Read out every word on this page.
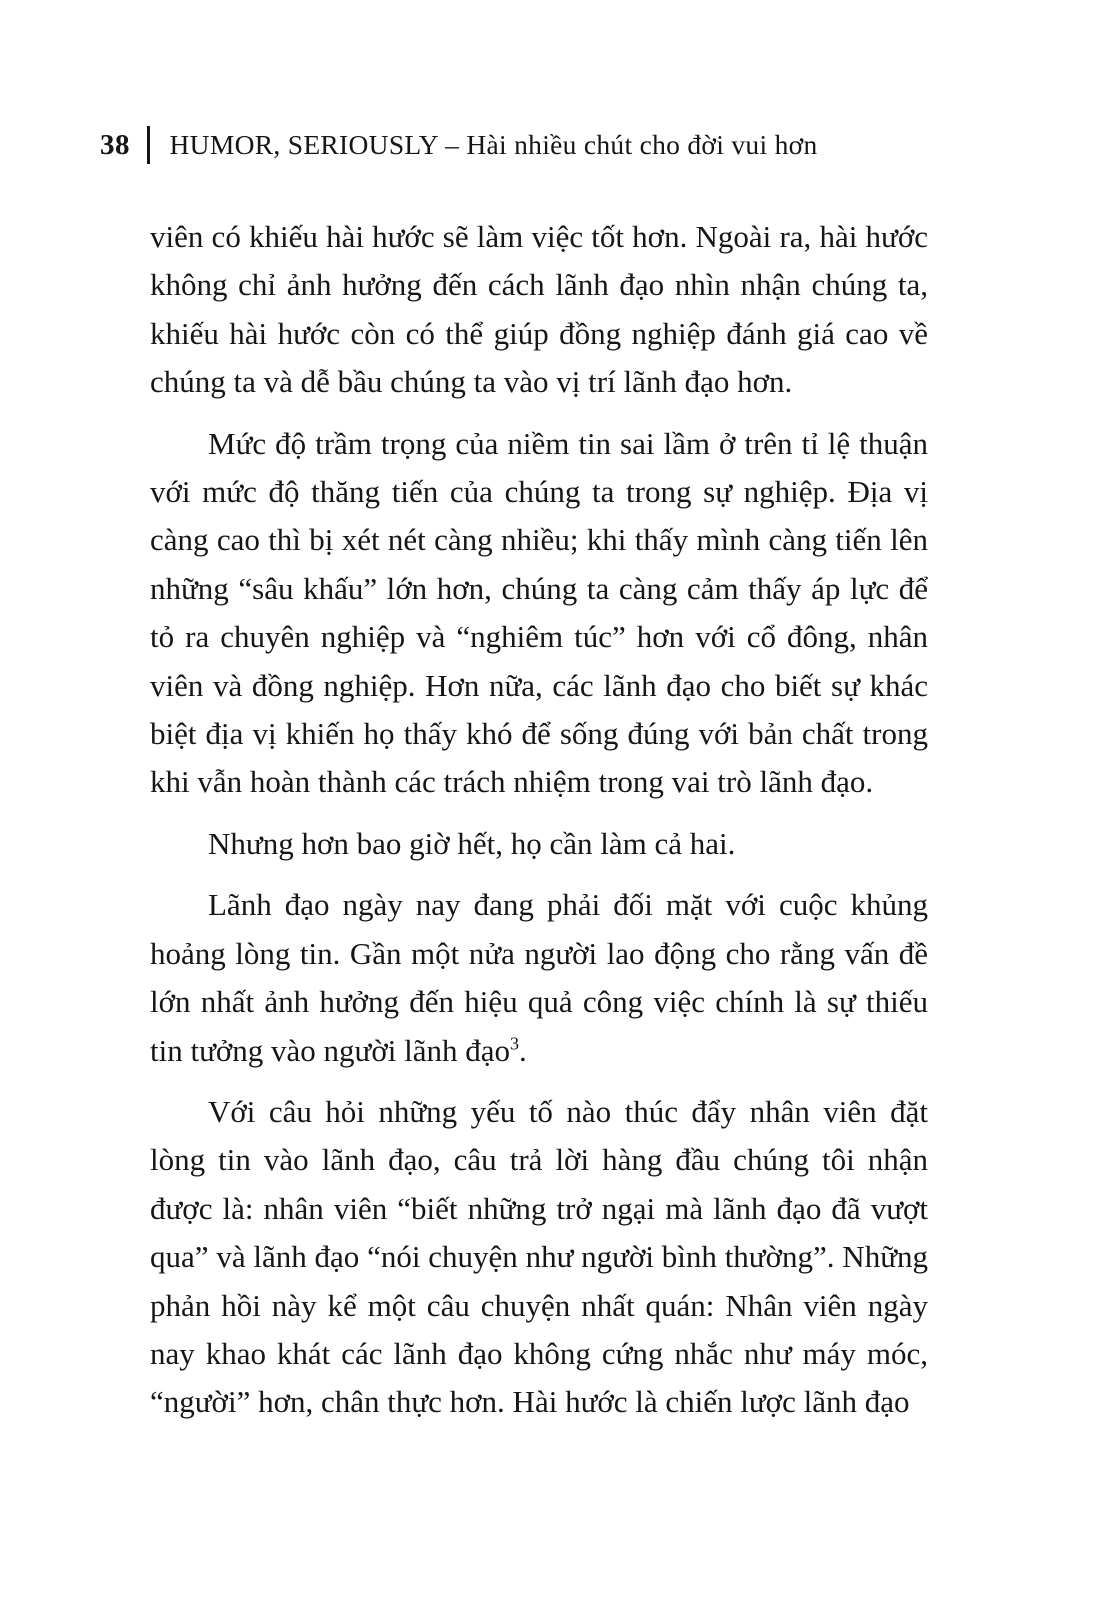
38 HUMOR, SERIOUSLY – Hài nhiều chút cho đời vui hơn

viên có khiếu hài hước sẽ làm việc tốt hơn. Ngoài ra, hài hước không chỉ ảnh hưởng đến cách lãnh đạo nhìn nhận chúng ta, khiếu hài hước còn có thể giúp đồng nghiệp đánh giá cao về chúng ta và dễ bầu chúng ta vào vị trí lãnh đạo hơn.

Mức độ trầm trọng của niềm tin sai lầm ở trên tỉ lệ thuận với mức độ thăng tiến của chúng ta trong sự nghiệp. Địa vị càng cao thì bị xét nét càng nhiều; khi thấy mình càng tiến lên những “sâu khấu” lớn hơn, chúng ta càng cảm thấy áp lực để tỏ ra chuyên nghiệp và “nghiêm túc” hơn với cổ đông, nhân viên và đồng nghiệp. Hơn nữa, các lãnh đạo cho biết sự khác biệt địa vị khiến họ thấy khó để sống đúng với bản chất trong khi vẫn hoàn thành các trách nhiệm trong vai trò lãnh đạo.

Nhưng hơn bao giờ hết, họ cần làm cả hai.

Lãnh đạo ngày nay đang phải đối mặt với cuộc khủng hoảng lòng tin. Gần một nửa người lao động cho rằng vấn đề lớn nhất ảnh hưởng đến hiệu quả công việc chính là sự thiếu tin tưởng vào người lãnh đạo$^3$.

Với câu hỏi những yếu tố nào thúc đẩy nhân viên đặt lòng tin vào lãnh đạo, câu trả lời hàng đầu chúng tôi nhận được là: nhân viên “biết những trở ngại mà lãnh đạo đã vượt qua” và lãnh đạo “nói chuyện như người bình thường”. Những phản hồi này kể một câu chuyện nhất quán: Nhân viên ngày nay khao khát các lãnh đạo không cứng nhắc như máy móc, “người” hơn, chân thực hơn. Hài hước là chiến lược lãnh đạo
